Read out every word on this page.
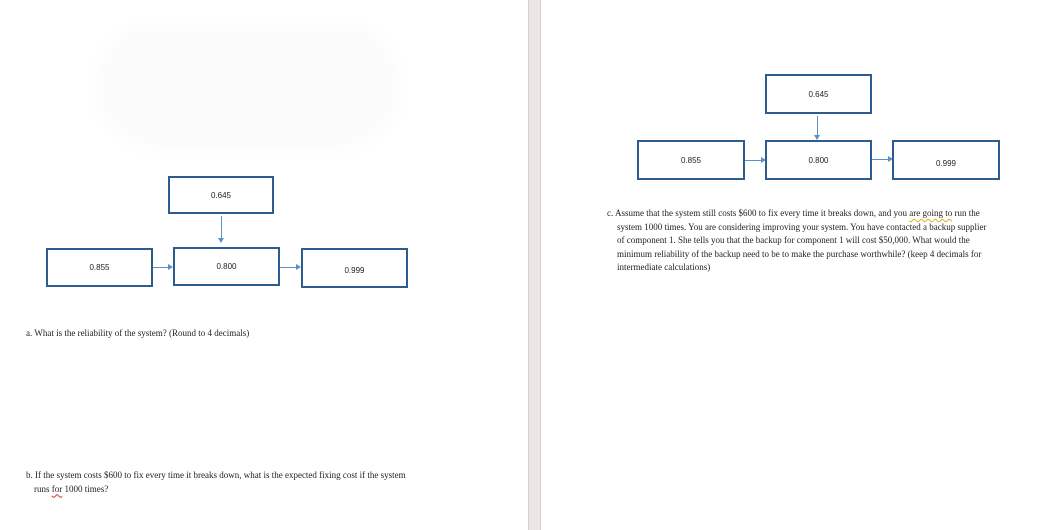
0.645
0.855	0.800	0.999
a. What is the reliability of the system? (Round to 4 decimals)
b. If the system costs $600 to fix every time it breaks down, what is the expected fixing cost if the system
runs for 1000 times?
0.645
0.855	0.800	0.999
c. Assume that the system still costs $600 to fix every time it breaks down, and you are going to run the
system 1000 times. You are considering improving your system. You have contacted a backup supplier
of component 1. She tells you that the backup for component 1 will cost $50,000. What would the
minimum reliability of the backup need to be to make the purchase worthwhile? (keep 4 decimals for
intermediate calculations)
